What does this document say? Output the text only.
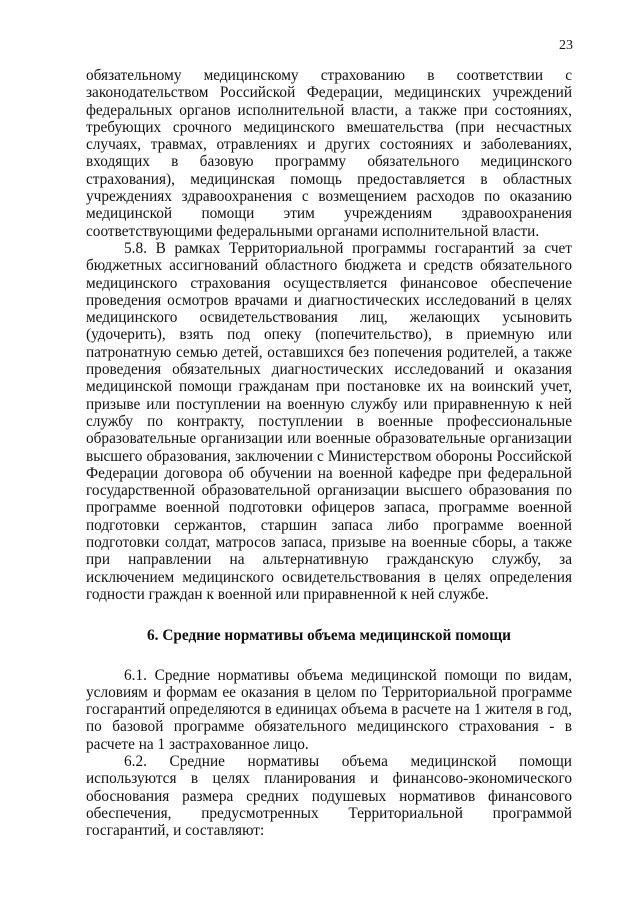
23

обязательному медицинскому страхованию в соответствии с законодательством Российской Федерации, медицинских учреждений федеральных органов исполнительной власти, а также при состояниях, требующих срочного медицинского вмешательства (при несчастных случаях, травмах, отравлениях и других состояниях и заболеваниях, входящих в базовую программу обязательного медицинского страхования), медицинская помощь предоставляется в областных учреждениях здравоохранения с возмещением расходов по оказанию медицинской помощи этим учреждениям здравоохранения соответствующими федеральными органами исполнительной власти.

5.8. В рамках Территориальной программы госгарантий за счет бюджетных ассигнований областного бюджета и средств обязательного медицинского страхования осуществляется финансовое обеспечение проведения осмотров врачами и диагностических исследований в целях медицинского освидетельствования лиц, желающих усыновить (удочерить), взять под опеку (попечительство), в приемную или патронатную семью детей, оставшихся без попечения родителей, а также проведения обязательных диагностических исследований и оказания медицинской помощи гражданам при постановке их на воинский учет, призыве или поступлении на военную службу или приравненную к ней службу по контракту, поступлении в военные профессиональные образовательные организации или военные образовательные организации высшего образования, заключении с Министерством обороны Российской Федерации договора об обучении на военной кафедре при федеральной государственной образовательной организации высшего образования по программе военной подготовки офицеров запаса, программе военной подготовки сержантов, старшин запаса либо программе военной подготовки солдат, матросов запаса, призыве на военные сборы, а также при направлении на альтернативную гражданскую службу, за исключением медицинского освидетельствования в целях определения годности граждан к военной или приравненной к ней службе.

6. Средние нормативы объема медицинской помощи

6.1. Средние нормативы объема медицинской помощи по видам, условиям и формам ее оказания в целом по Территориальной программе госгарантий определяются в единицах объема в расчете на 1 жителя в год, по базовой программе обязательного медицинского страхования - в расчете на 1 застрахованное лицо.

6.2. Средние нормативы объема медицинской помощи используются в целях планирования и финансово-экономического обоснования размера средних подушевых нормативов финансового обеспечения, предусмотренных Территориальной программой госгарантий, и составляют:
